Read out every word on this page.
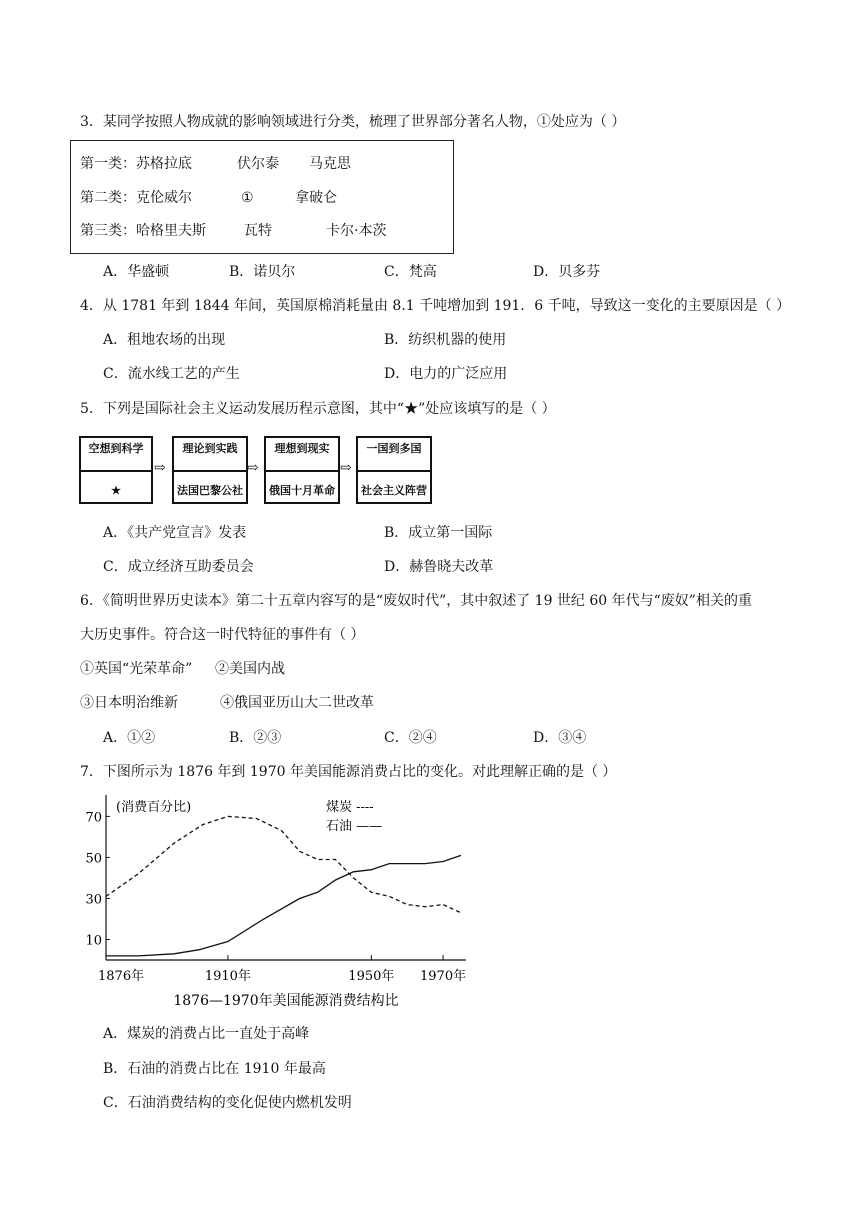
3．某同学按照人物成就的影响领域进行分类，梳理了世界部分著名人物，①处应为（ ）
第一类：苏格拉底	伏尔泰 马克思
第二类：克伦威尔	①	拿破仑
第三类：哈格里夫斯	瓦特	卡尔·本茨
A．华盛顿	B．诺贝尔	C．梵高	D．贝多芬
4．从 1781 年到 1844 年间，英国原棉消耗量由 8.1 千吨增加到 191．6 千吨，导致这一变化的主要原因是（ ）
A．租地农场的出现	B．纺织机器的使用
C．流水线工艺的产生	D．电力的广泛应用
5．下列是国际社会主义运动发展历程示意图，其中“★”处应该填写的是（ ）
空想到科学
★
⇨
理论到实践
法国巴黎公社
⇨
理想到现实
俄国十月革命
⇨
一国到多国
社会主义阵营
A．《共产党宣言》发表	B．成立第一国际
C．成立经济互助委员会	D．赫鲁晓夫改革
6．《简明世界历史读本》第二十五章内容写的是“废奴时代”，其中叙述了 19 世纪 60 年代与“废奴”相关的重
大历史事件。符合这一时代特征的事件有（ ）
①英国“光荣革命” ②美国内战
③日本明治维新	④俄国亚历山大二世改革
A．①②	B．②③	C．②④	D．③④
7．下图所示为 1876 年到 1970 年美国能源消费占比的变化。对此理解正确的是（ ）
70
50
30
10
1876年	1910年	1950年 1970年
(消费百分比)	煤炭 ----
石油 ——
1876—1970年美国能源消费结构比
A．煤炭的消费占比一直处于高峰
B．石油的消费占比在 1910 年最高
C．石油消费结构的变化促使内燃机发明
